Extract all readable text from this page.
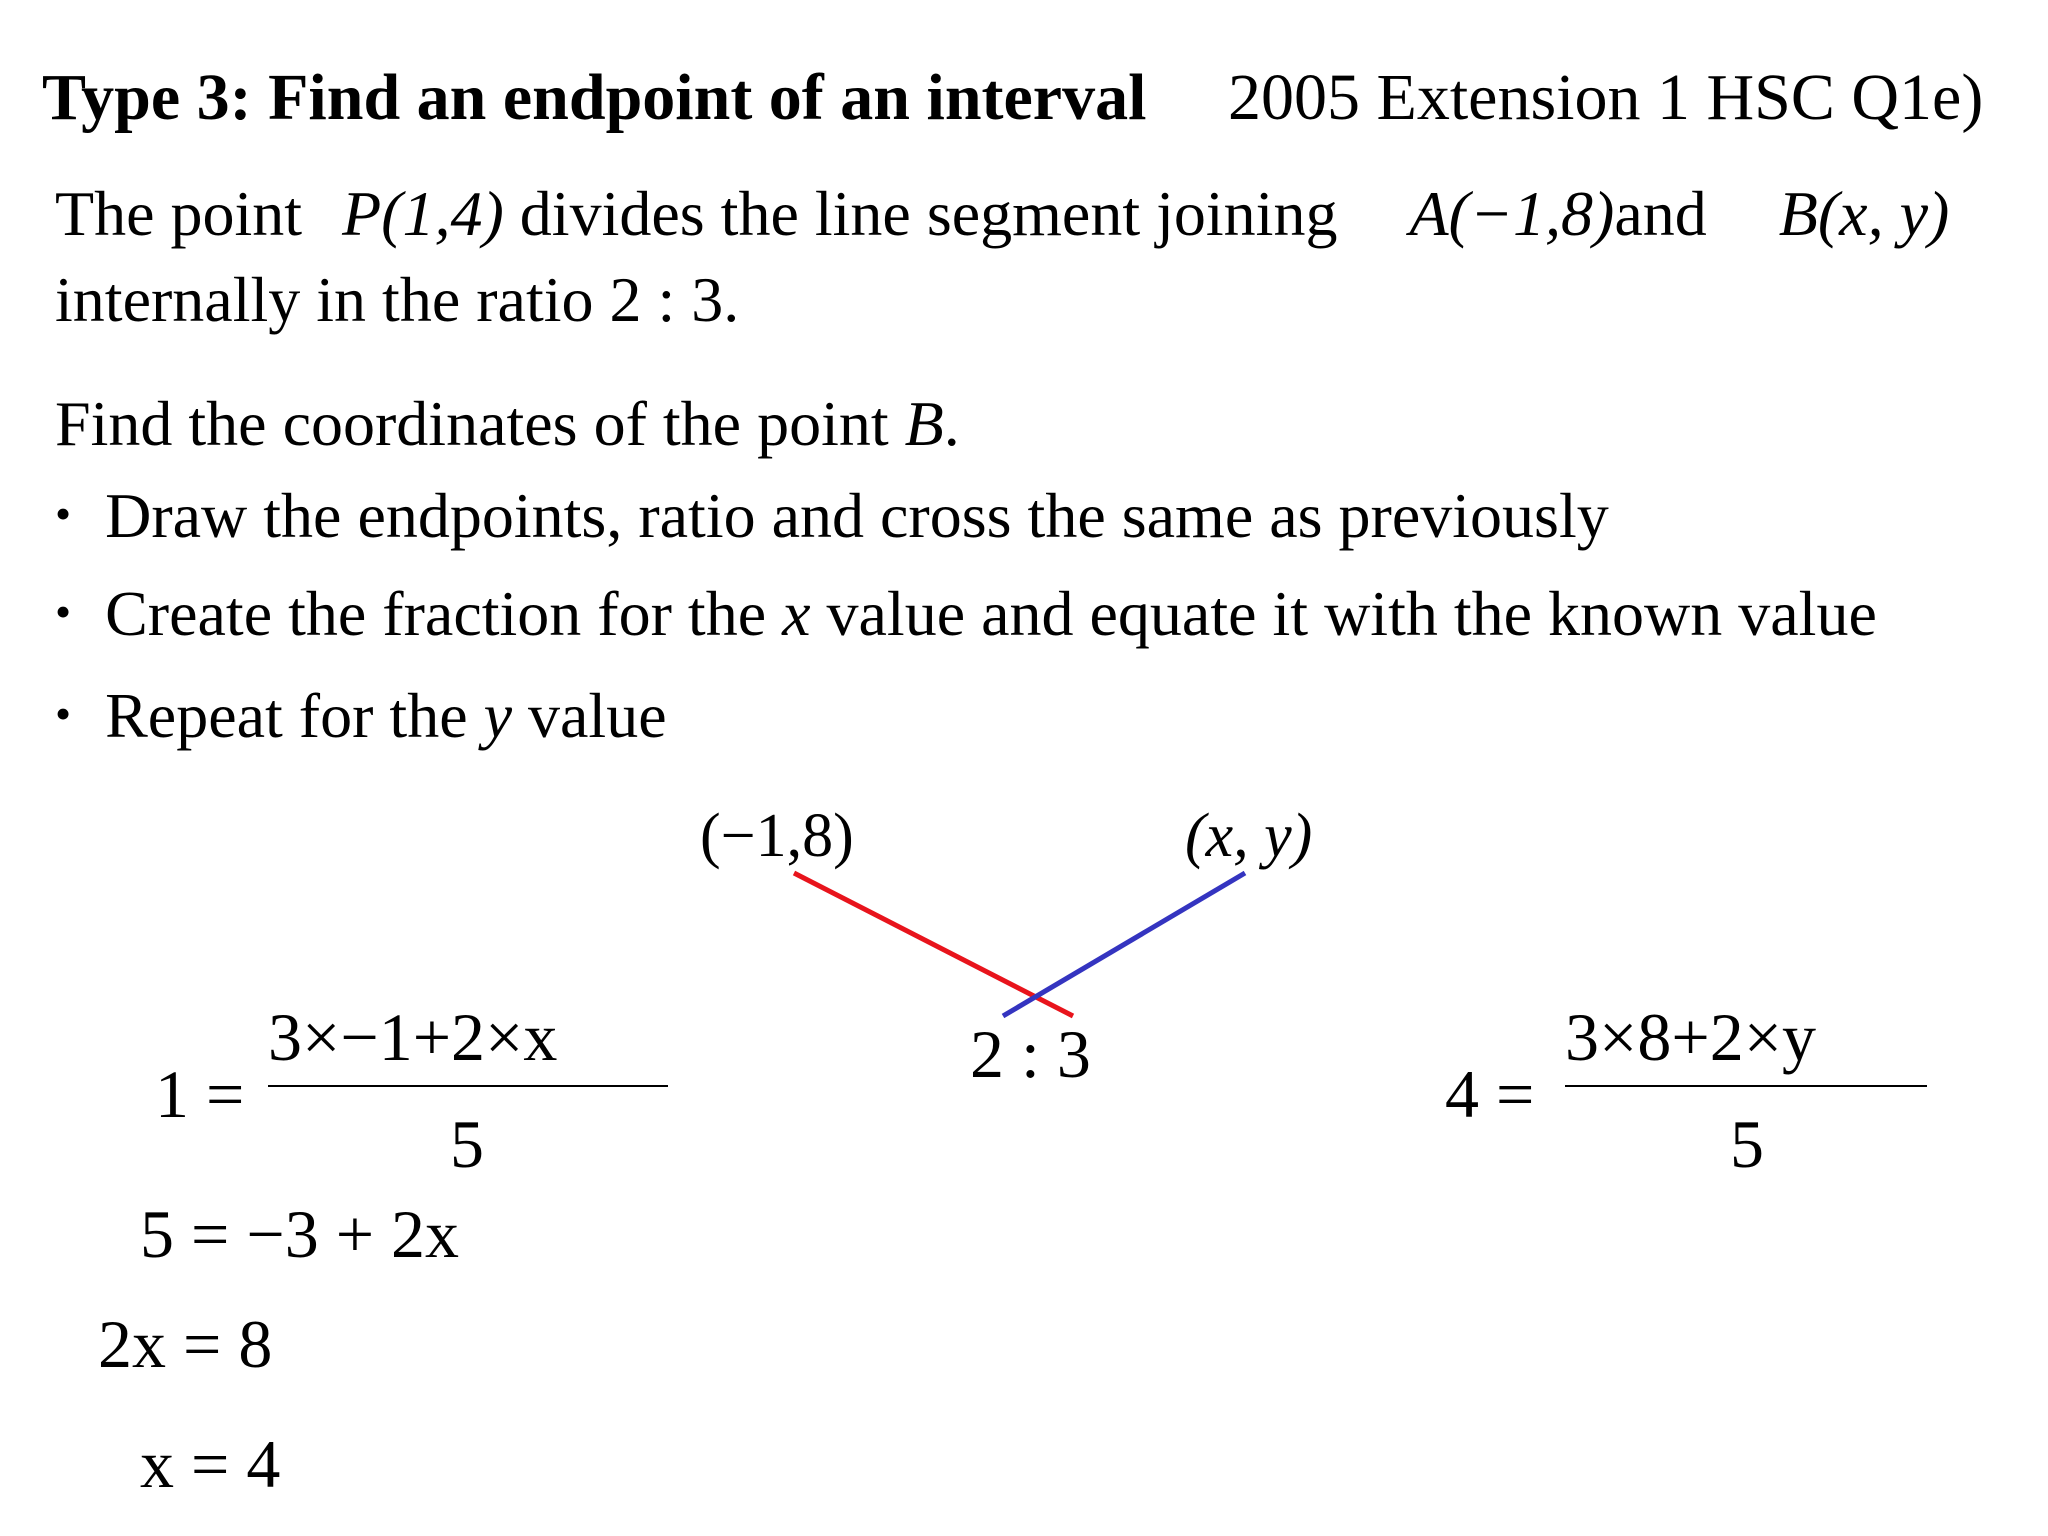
Type 3: Find an endpoint of an interval 2005 Extension 1 HSC Q1e)
The point P(1,4) divides the line segment joining A(−1,8)and B(x, y)
internally in the ratio 2 : 3.
Find the coordinates of the point B.
• Draw the endpoints, ratio and cross the same as previously
• Create the fraction for the x value and equate it with the known value
• Repeat for the y value
(−1,8)	(x, y)
2 : 3
1 =
3×−1+2×x
5
5 = −3 + 2x
2x = 8
x = 4
4 =
3×8+2×y
5
